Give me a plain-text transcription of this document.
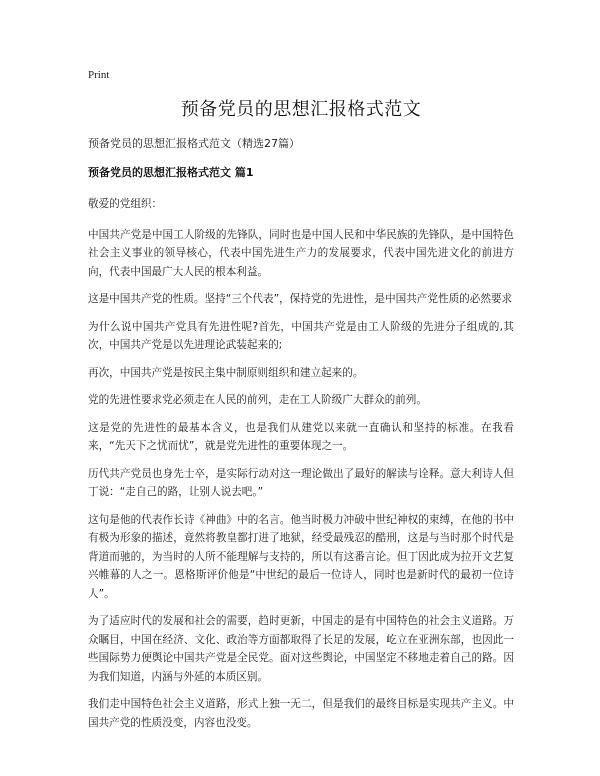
Print
预备党员的思想汇报格式范文
预备党员的思想汇报格式范文（精选27篇）
预备党员的思想汇报格式范文 篇1

敬爱的党组织：

中国共产党是中国工人阶级的先锋队，同时也是中国人民和中华民族的先锋队，是中国特色社会主义事业的领导核心，代表中国先进生产力的发展要求，代表中国先进文化的前进方向，代表中国最广大人民的根本利益。

这是中国共产党的性质。坚持“三个代表”，保持党的先进性，是中国共产党性质的必然要求

为什么说中国共产党具有先进性呢?首先，中国共产党是由工人阶级的先进分子组成的,其次，中国共产党是以先进理论武装起来的;

再次，中国共产党是按民主集中制原则组织和建立起来的。

党的先进性要求党必须走在人民的前列，走在工人阶级广大群众的前列。

这是党的先进性的最基本含义，也是我们从建党以来就一直确认和坚持的标准。在我看来，“先天下之忧而忧”，就是党先进性的重要体现之一。

历代共产党员也身先士卒，是实际行动对这一理论做出了最好的解读与诠释。意大利诗人但丁说：“走自己的路，让别人说去吧。”

这句是他的代表作长诗《神曲》中的名言。他当时极力冲破中世纪神权的束缚，在他的书中有极为形象的描述，竟然将教皇都打进了地狱，经受最残忍的酷刑，这是与当时那个时代是背道而驰的，为当时的人所不能理解与支持的，所以有这番言论。但丁因此成为拉开文艺复兴帷幕的人之一。恩格斯评价他是“中世纪的最后一位诗人，同时也是新时代的最初一位诗人”。

为了适应时代的发展和社会的需要，趋时更新，中国走的是有中国特色的社会主义道路。万众瞩目，中国在经济、文化、政治等方面都取得了长足的发展，屹立在亚洲东部，也因此一些国际势力便舆论中国共产党是全民党。面对这些舆论，中国坚定不移地走着自己的路。因为我们知道，内涵与外延的本质区别。

我们走中国特色社会主义道路，形式上独一无二，但是我们的最终目标是实现共产主义。中国共产党的性质没变，内容也没变。
